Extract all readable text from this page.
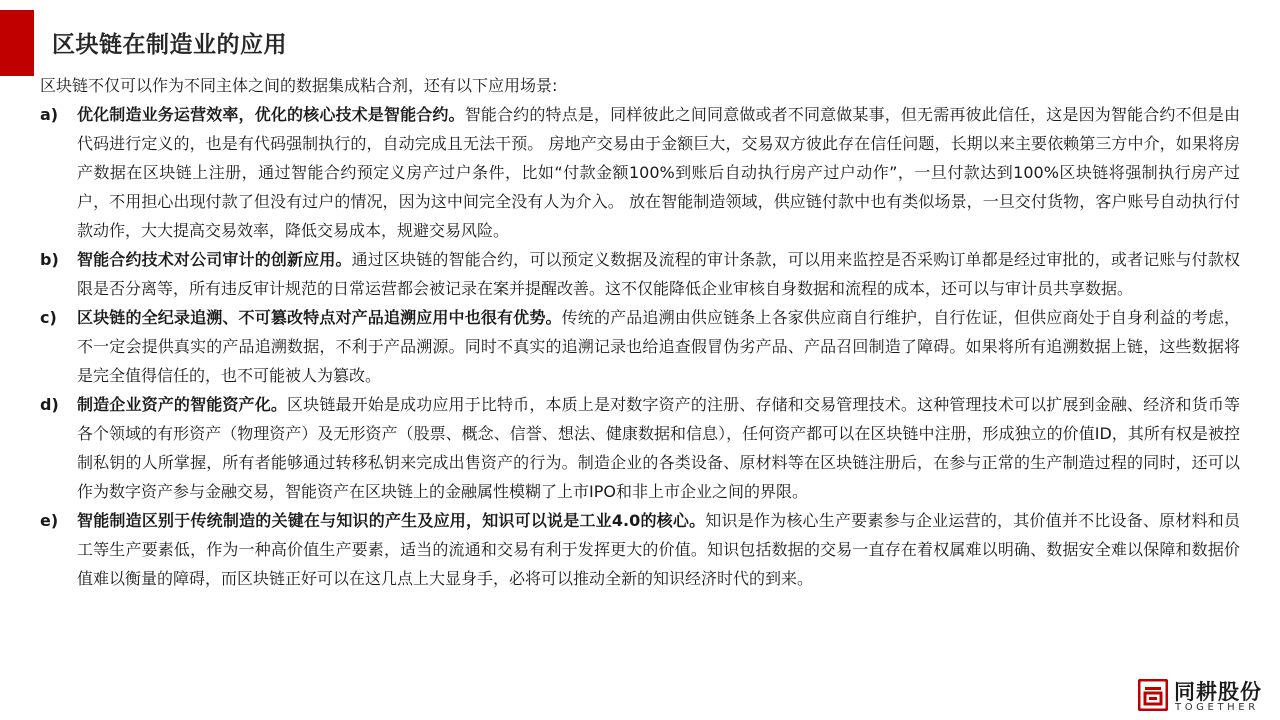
区块链在制造业的应用
区块链不仅可以作为不同主体之间的数据集成粘合剂，还有以下应用场景:
a) 优化制造业务运营效率，优化的核心技术是智能合约。智能合约的特点是，同样彼此之间同意做或者不同意做某事，但无需再彼此信任，这是因为智能合约不但是由代码进行定义的，也是有代码强制执行的，自动完成且无法干预。 房地产交易由于金额巨大，交易双方彼此存在信任问题，长期以来主要依赖第三方中介，如果将房产数据在区块链上注册，通过智能合约预定义房产过户条件，比如“付款金额100%到账后自动执行房产过户动作”，一旦付款达到100%区块链将强制执行房产过户，不用担心出现付款了但没有过户的情况，因为这中间完全没有人为介入。 放在智能制造领域，供应链付款中也有类似场景，一旦交付货物，客户账号自动执行付款动作，大大提高交易效率，降低交易成本，规避交易风险。
b) 智能合约技术对公司审计的创新应用。通过区块链的智能合约，可以预定义数据及流程的审计条款，可以用来监控是否采购订单都是经过审批的，或者记账与付款权限是否分离等，所有违反审计规范的日常运营都会被记录在案并提醒改善。这不仅能降低企业审核自身数据和流程的成本，还可以与审计员共享数据。
c) 区块链的全纪录追溯、不可篡改特点对产品追溯应用中也很有优势。传统的产品追溯由供应链条上各家供应商自行维护，自行佐证，但供应商处于自身利益的考虑，不一定会提供真实的产品追溯数据，不利于产品溯源。同时不真实的追溯记录也给追查假冒伪劣产品、产品召回制造了障碍。如果将所有追溯数据上链，这些数据将是完全值得信任的，也不可能被人为篡改。
d) 制造企业资产的智能资产化。区块链最开始是成功应用于比特币，本质上是对数字资产的注册、存储和交易管理技术。这种管理技术可以扩展到金融、经济和货币等各个领域的有形资产（物理资产）及无形资产（股票、概念、信誉、想法、健康数据和信息），任何资产都可以在区块链中注册，形成独立的价值ID，其所有权是被控制私钥的人所掌握，所有者能够通过转移私钥来完成出售资产的行为。制造企业的各类设备、原材料等在区块链注册后，在参与正常的生产制造过程的同时，还可以作为数字资产参与金融交易，智能资产在区块链上的金融属性模糊了上市IPO和非上市企业之间的界限。
e) 智能制造区别于传统制造的关键在与知识的产生及应用，知识可以说是工业4.0的核心。知识是作为核心生产要素参与企业运营的，其价值并不比设备、原材料和员工等生产要素低，作为一种高价值生产要素，适当的流通和交易有利于发挥更大的价值。知识包括数据的交易一直存在着权属难以明确、数据安全难以保障和数据价值难以衡量的障碍，而区块链正好可以在这几点上大显身手，必将可以推动全新的知识经济时代的到来。
同耕股份
TOGETHER
